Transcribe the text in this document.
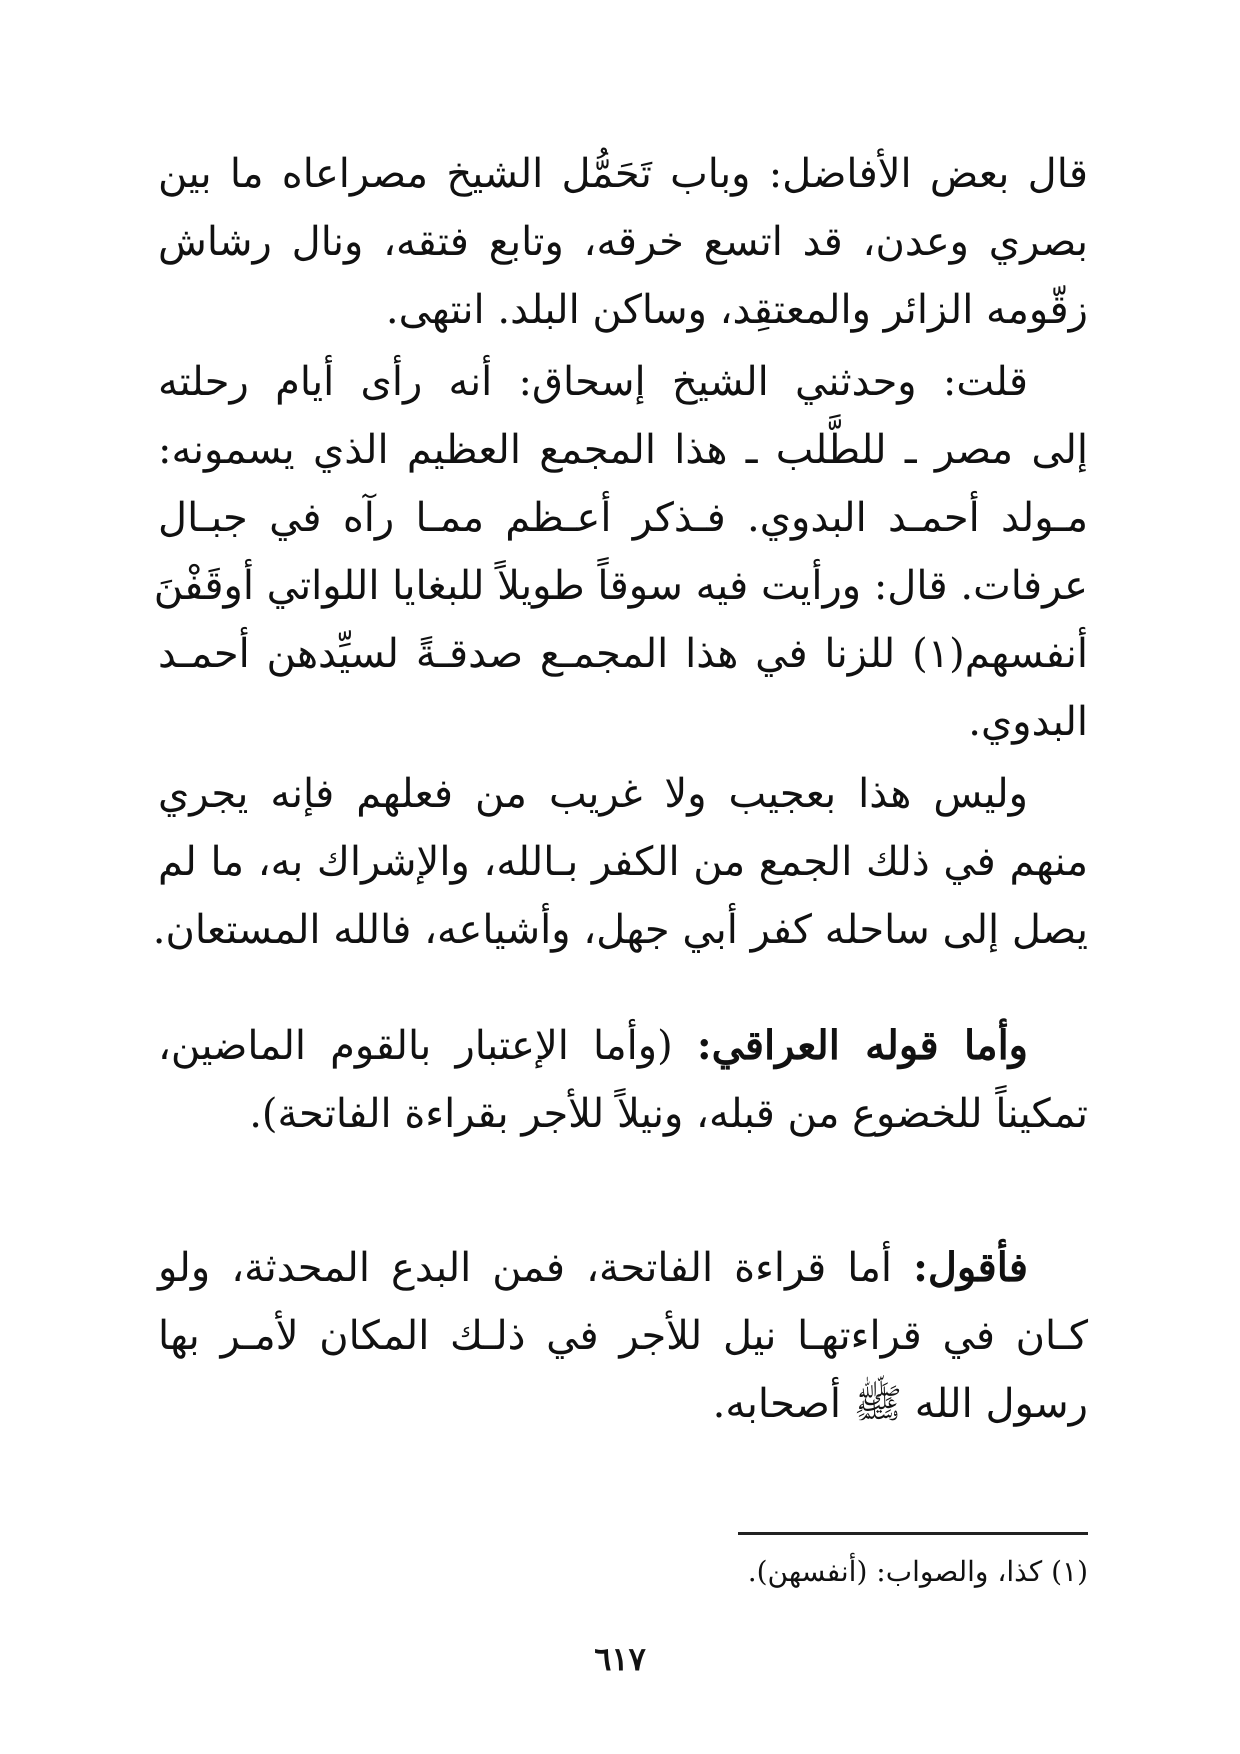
قال بعض الأفاضل: وباب تَحَمُّل الشيخ مصراعاه ما بين
بصري وعدن، قد اتسع خرقه، وتابع فتقه، ونال رشاش
زقّومه الزائر والمعتقِد، وساكن البلد. انتهى.
قلت: وحدثني الشيخ إسحاق: أنه رأى أيام رحلته
إلى مصر ـ للطَّلب ـ هذا المجمع العظيم الذي يسمونه:
مـولد أحمـد البدوي. فـذكر أعـظم ممـا رآه في جبـال
عرفات. قال: ورأيت فيه سوقاً طويلاً للبغايا اللواتي أوقَفْنَ
أنفسهم(١) للزنا في هذا المجمـع صدقـةً لسيِّدهن أحمـد
البدوي.
وليس هذا بعجيب ولا غريب من فعلهم فإنه يجري
منهم في ذلك الجمع من الكفر بـالله، والإشراك به، ما لم
يصل إلى ساحله كفر أبي جهل، وأشياعه، فالله المستعان.
وأما قوله العراقي: (وأما الإعتبار بالقوم الماضين،
تمكيناً للخضوع من قبله، ونيلاً للأجر بقراءة الفاتحة).
فأقول: أما قراءة الفاتحة، فمن البدع المحدثة، ولو
كـان في قراءتهـا نيل للأجر في ذلـك المكان لأمـر بها
رسول الله ﷺ أصحابه.
(١) كذا، والصواب: (أنفسهن).
٦١٧
